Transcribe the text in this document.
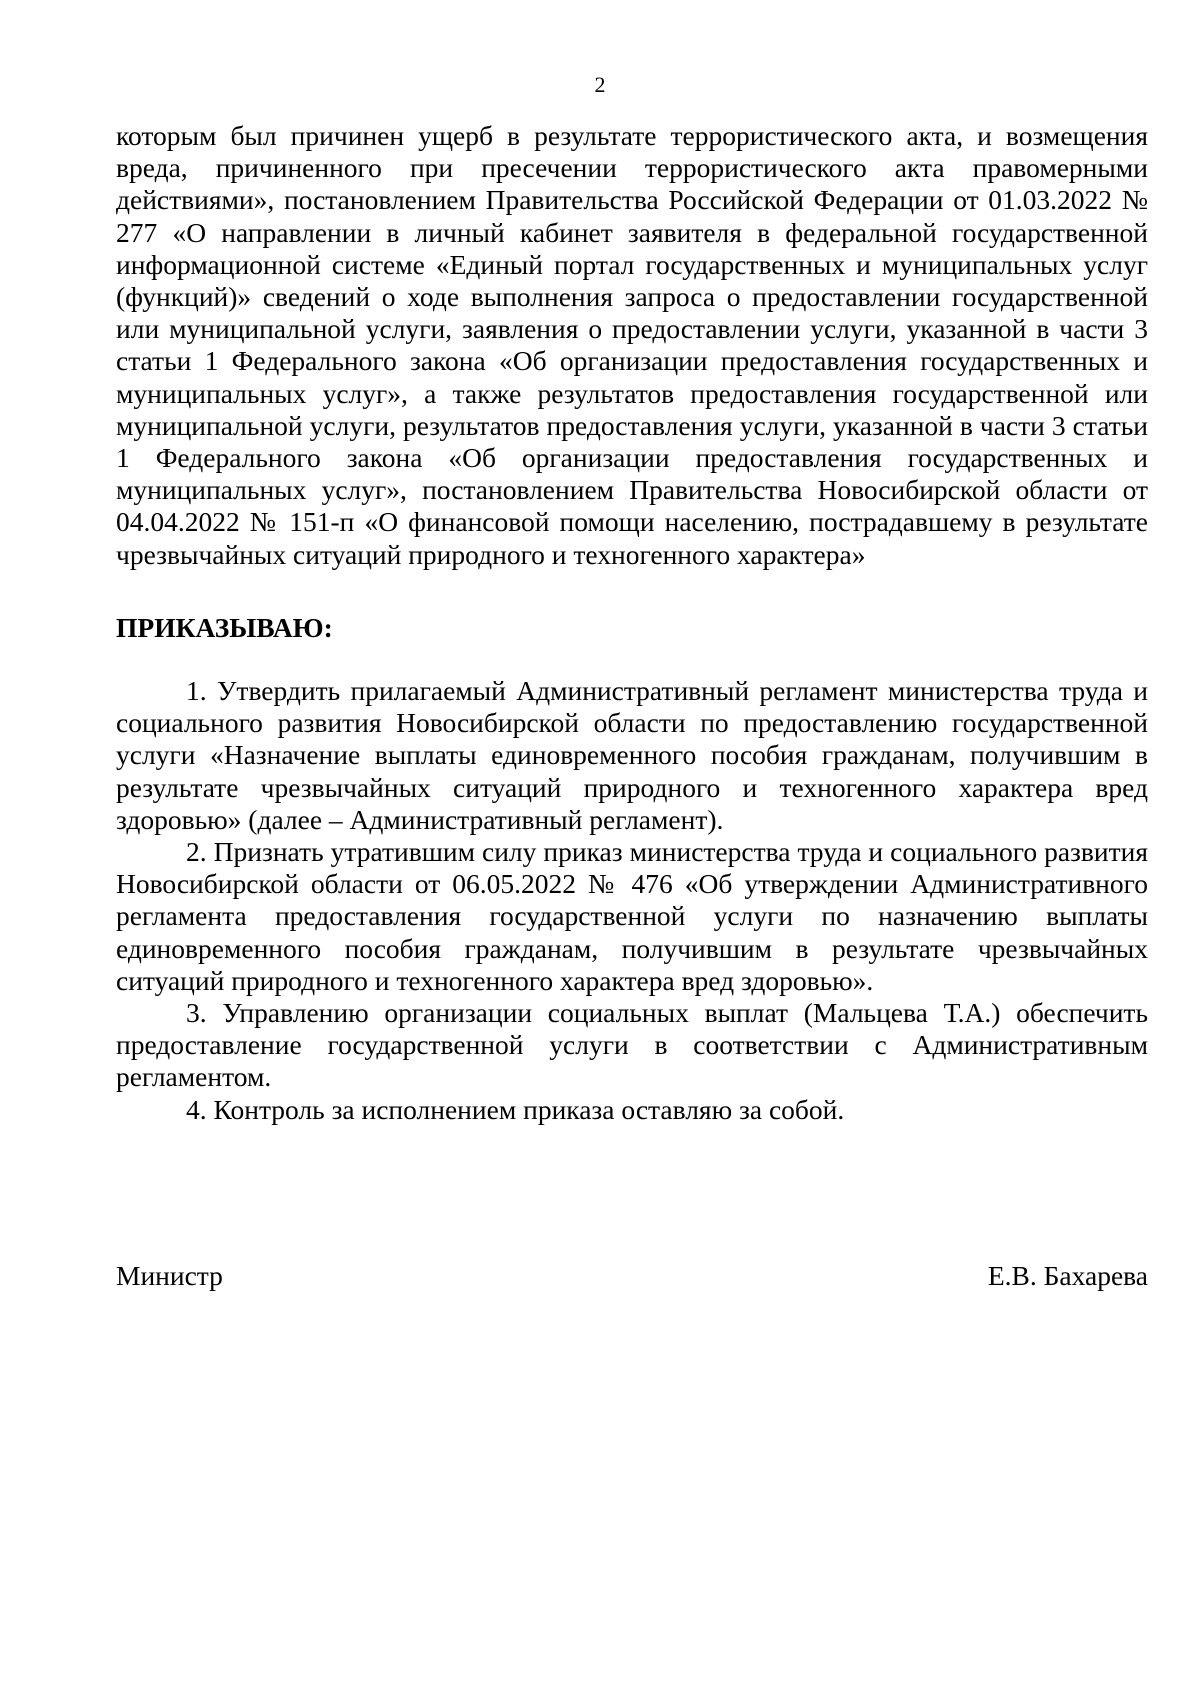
2

которым был причинен ущерб в результате террористического акта, и возмещения вреда, причиненного при пресечении террористического акта правомерными действиями», постановлением Правительства Российской Федерации от 01.03.2022 № 277 «О направлении в личный кабинет заявителя в федеральной государственной информационной системе «Единый портал государственных и муниципальных услуг (функций)» сведений о ходе выполнения запроса о предоставлении государственной или муниципальной услуги, заявления о предоставлении услуги, указанной в части 3 статьи 1 Федерального закона «Об организации предоставления государственных и муниципальных услуг», а также результатов предоставления государственной или муниципальной услуги, результатов предоставления услуги, указанной в части 3 статьи 1 Федерального закона «Об организации предоставления государственных и муниципальных услуг», постановлением Правительства Новосибирской области от 04.04.2022 № 151-п «О финансовой помощи населению, пострадавшему в результате чрезвычайных ситуаций природного и техногенного характера»

ПРИКАЗЫВАЮ:

1. Утвердить прилагаемый Административный регламент министерства труда и социального развития Новосибирской области по предоставлению государственной услуги «Назначение выплаты единовременного пособия гражданам, получившим в результате чрезвычайных ситуаций природного и техногенного характера вред здоровью» (далее – Административный регламент).

2. Признать утратившим силу приказ министерства труда и социального развития Новосибирской области от 06.05.2022 № 476 «Об утверждении Административного регламента предоставления государственной услуги по назначению выплаты единовременного пособия гражданам, получившим в результате чрезвычайных ситуаций природного и техногенного характера вред здоровью».

3. Управлению организации социальных выплат (Мальцева Т.А.) обеспечить предоставление государственной услуги в соответствии с Административным регламентом.

4. Контроль за исполнением приказа оставляю за собой.

Министр	Е.В. Бахарева
